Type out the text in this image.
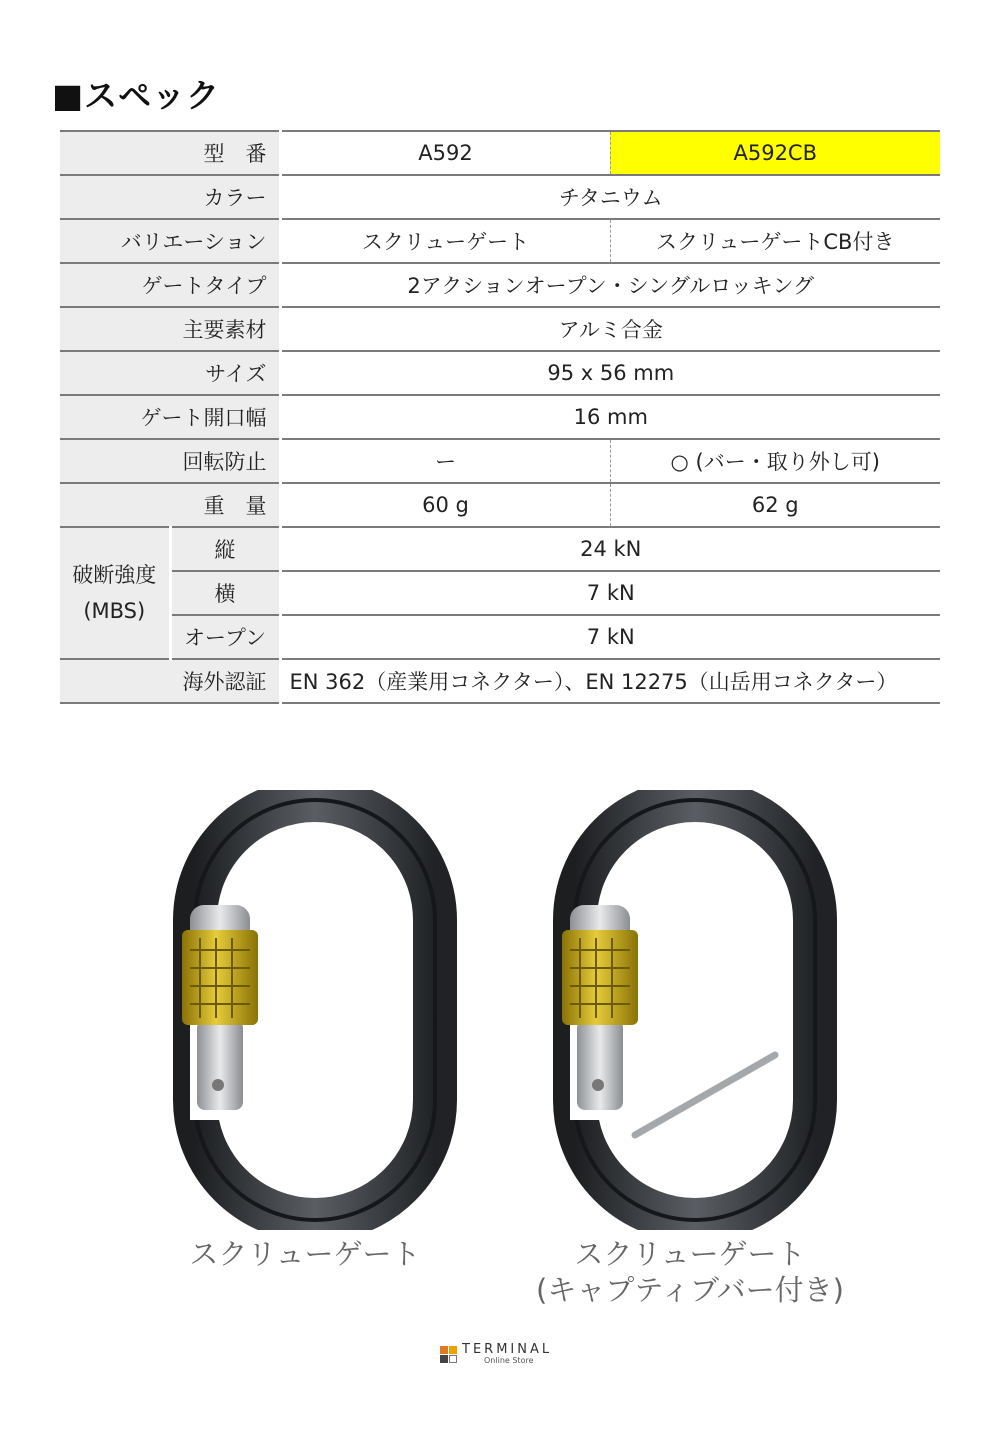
■スペック
型　番		A592	A592CB
カラー		チタニウム	
バリエーション		スクリューゲート	スクリューゲートCB付き
ゲートタイプ		2アクションオープン・シングルロッキング	
主要素材		アルミ合金	
サイズ		95 x 56 mm	
ゲート開口幅		16 mm	
回転防止		ー	○ (バー・取り外し可)
重　量		60 g	62 g

破断強度
(MBS)	縦	24 kN	
	横	7 kN	
	オープン	7 kN	
海外認証		EN 362（産業用コネクター）、EN 12275（山岳用コネクター）	
スクリューゲート	スクリューゲート
(キャプティブバー付き)
TERMINAL
Online Store
